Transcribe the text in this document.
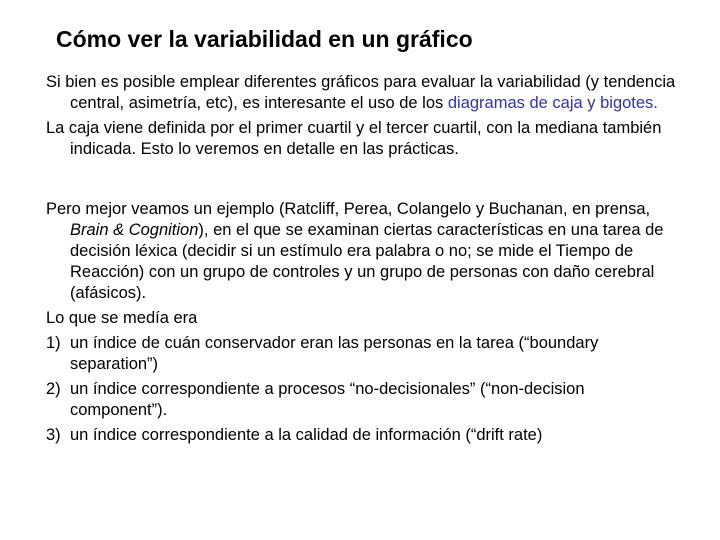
Cómo ver la variabilidad en un gráfico

Si bien es posible emplear diferentes gráficos para evaluar la variabilidad (y tendencia central, asimetría, etc), es interesante el uso de los diagramas de caja y bigotes.

La caja viene definida por el primer cuartil y el tercer cuartil, con la mediana también indicada. Esto lo veremos en detalle en las prácticas.

Pero mejor veamos un ejemplo (Ratcliff, Perea, Colangelo y Buchanan, en prensa, Brain & Cognition), en el que se examinan ciertas características en una tarea de decisión léxica (decidir si un estímulo era palabra o no; se mide el Tiempo de Reacción) con un grupo de controles y un grupo de personas con daño cerebral (afásicos).

Lo que se medía era

1) un índice de cuán conservador eran las personas en la tarea (“boundary separation”)
2) un índice correspondiente a procesos “no-decisionales” (“non-decision component”).
3) un índice correspondiente a la calidad de información (“drift rate)
